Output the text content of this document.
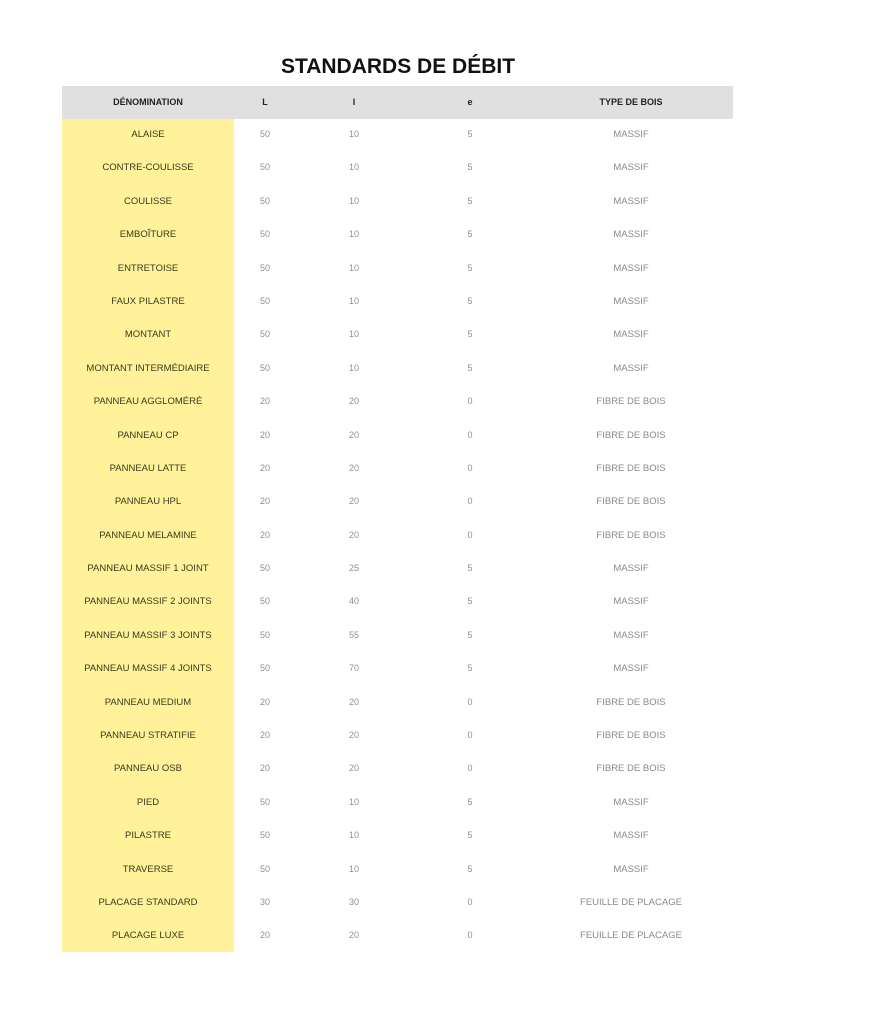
STANDARDS DE DÉBIT
DÉNOMINATION	L	l	e	TYPE DE BOIS
ALAISE	50	10	5	MASSIF
CONTRE-COULISSE	50	10	5	MASSIF
COULISSE	50	10	5	MASSIF
EMBOÎTURE	50	10	5	MASSIF
ENTRETOISE	50	10	5	MASSIF
FAUX PILASTRE	50	10	5	MASSIF
MONTANT	50	10	5	MASSIF
MONTANT INTERMÉDIAIRE	50	10	5	MASSIF
PANNEAU AGGLOMÉRÉ	20	20	0	FIBRE DE BOIS
PANNEAU CP	20	20	0	FIBRE DE BOIS
PANNEAU LATTE	20	20	0	FIBRE DE BOIS
PANNEAU HPL	20	20	0	FIBRE DE BOIS
PANNEAU MELAMINE	20	20	0	FIBRE DE BOIS
PANNEAU MASSIF 1 JOINT	50	25	5	MASSIF
PANNEAU MASSIF 2 JOINTS	50	40	5	MASSIF
PANNEAU MASSIF 3 JOINTS	50	55	5	MASSIF
PANNEAU MASSIF 4 JOINTS	50	70	5	MASSIF
PANNEAU MEDIUM	20	20	0	FIBRE DE BOIS
PANNEAU STRATIFIE	20	20	0	FIBRE DE BOIS
PANNEAU OSB	20	20	0	FIBRE DE BOIS
PIED	50	10	5	MASSIF
PILASTRE	50	10	5	MASSIF
TRAVERSE	50	10	5	MASSIF
PLACAGE STANDARD	30	30	0	FEUILLE DE PLACAGE
PLACAGE LUXE	20	20	0	FEUILLE DE PLACAGE
